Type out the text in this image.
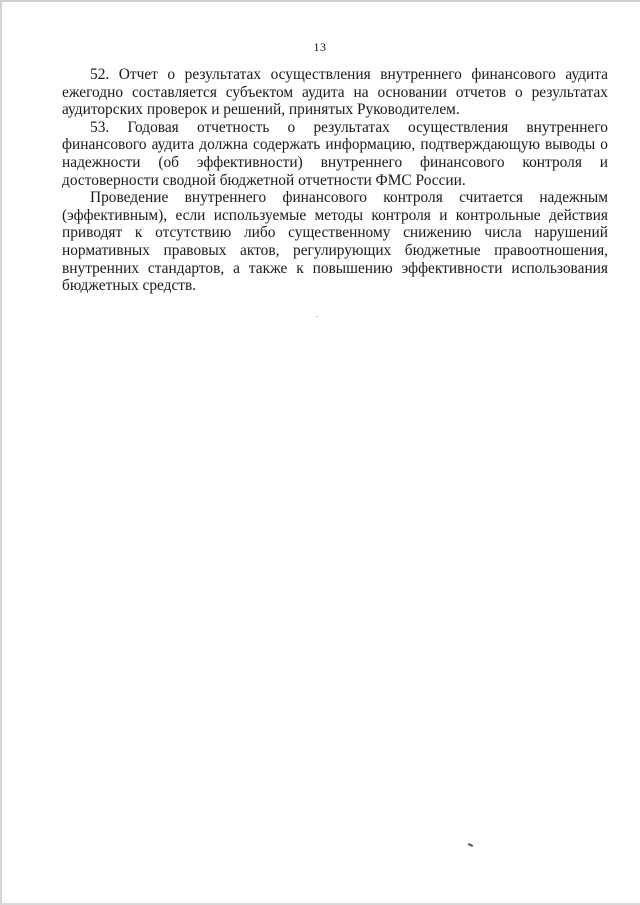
13

52. Отчет о результатах осуществления внутреннего финансового аудита ежегодно составляется субъектом аудита на основании отчетов о результатах аудиторских проверок и решений, принятых Руководителем.

53. Годовая отчетность о результатах осуществления внутреннего финансового аудита должна содержать информацию, подтверждающую выводы о надежности (об эффективности) внутреннего финансового контроля и достоверности сводной бюджетной отчетности ФМС России.

Проведение внутреннего финансового контроля считается надежным (эффективным), если используемые методы контроля и контрольные действия приводят к отсутствию либо существенному снижению числа нарушений нормативных правовых актов, регулирующих бюджетные правоотношения, внутренних стандартов, а также к повышению эффективности использования бюджетных средств.
